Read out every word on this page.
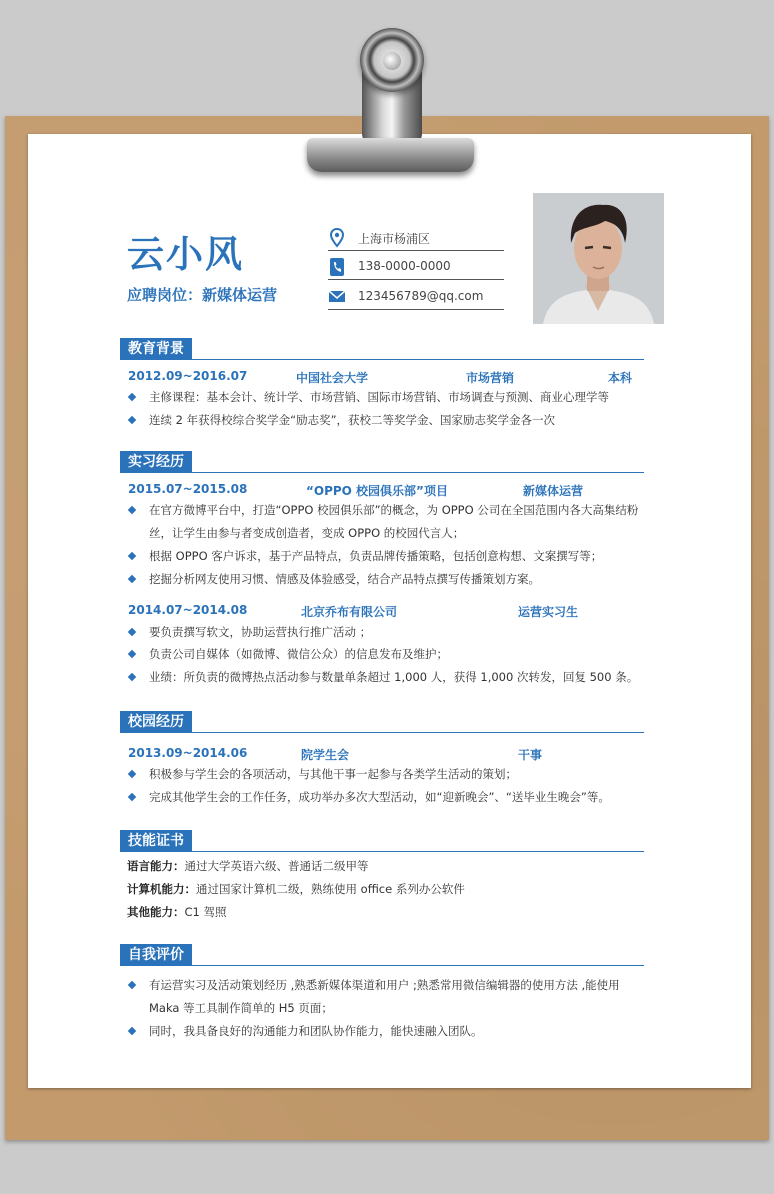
云小风
应聘岗位：新媒体运营
上海市杨浦区
138-0000-0000
123456789@qq.com
教育背景
2012.09~2016.07	中国社会大学	市场营销	本科
主修课程：基本会计、统计学、市场营销、国际市场营销、市场调查与预测、商业心理学等
连续 2 年获得校综合奖学金“励志奖”，获校二等奖学金、国家励志奖学金各一次
实习经历
2015.07~2015.08	“OPPO 校园俱乐部”项目	新媒体运营
在官方微博平台中，打造“OPPO 校园俱乐部”的概念，为 OPPO 公司在全国范围内各大高集结粉丝，让学生由参与者变成创造者，变成 OPPO 的校园代言人；
根据 OPPO 客户诉求，基于产品特点，负责品牌传播策略，包括创意构想、文案撰写等；
挖掘分析网友使用习惯、情感及体验感受，结合产品特点撰写传播策划方案。
2014.07~2014.08	北京乔布有限公司	运营实习生
要负责撰写软文，协助运营执行推广活动 ；
负责公司自媒体（如微博、微信公众）的信息发布及维护；
业绩：所负责的微博热点活动参与数量单条超过 1,000 人，获得 1,000 次转发，回复 500 条。
校园经历
2013.09~2014.06	院学生会	干事
积极参与学生会的各项活动，与其他干事一起参与各类学生活动的策划；
完成其他学生会的工作任务，成功举办多次大型活动，如“迎新晚会”、“送毕业生晚会”等。
技能证书
语言能力：通过大学英语六级、普通话二级甲等
计算机能力：通过国家计算机二级，熟练使用 office 系列办公软件
其他能力：C1 驾照
自我评价
有运营实习及活动策划经历 ,熟悉新媒体渠道和用户 ;熟悉常用微信编辑器的使用方法 ,能使用 Maka 等工具制作简单的 H5 页面；
同时，我具备良好的沟通能力和团队协作能力，能快速融入团队。
